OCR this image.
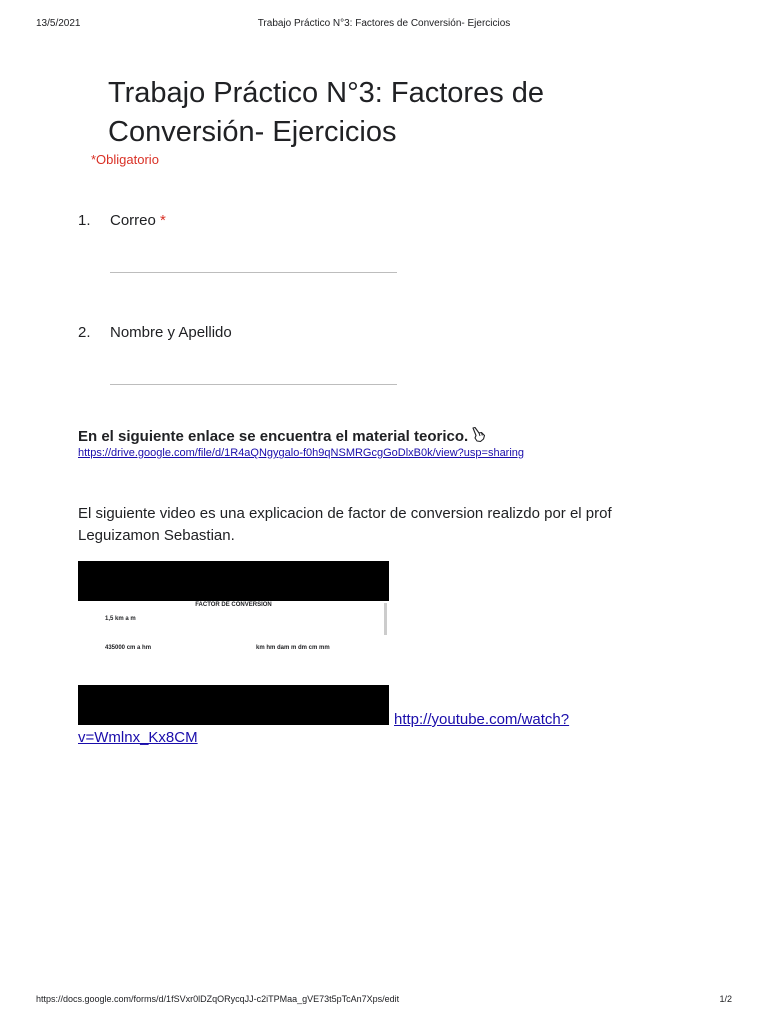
13/5/2021	Trabajo Práctico N°3: Factores de Conversión- Ejercicios
Trabajo Práctico N°3: Factores de
Conversión- Ejercicios
*Obligatorio
1. Correo *
2. Nombre y Apellido
En el siguiente enlace se encuentra el material teorico.
https://drive.google.com/file/d/1R4aQNgygalo-f0h9qNSMRGcgGoDlxB0k/view?usp=sharing
El siguiente video es una explicacion de factor de conversion realizdo por el prof Leguizamon Sebastian.
FACTOR DE CONVERSIÓN
1,5 km a m
435000 cm a hm	km hm dam m dm cm mm
http://youtube.com/watch?
v=Wmlnx_Kx8CM
https://docs.google.com/forms/d/1fSVxr0lDZqORycqJJ-c2iTPMaa_gVE73t5pTcAn7Xps/edit	1/2
